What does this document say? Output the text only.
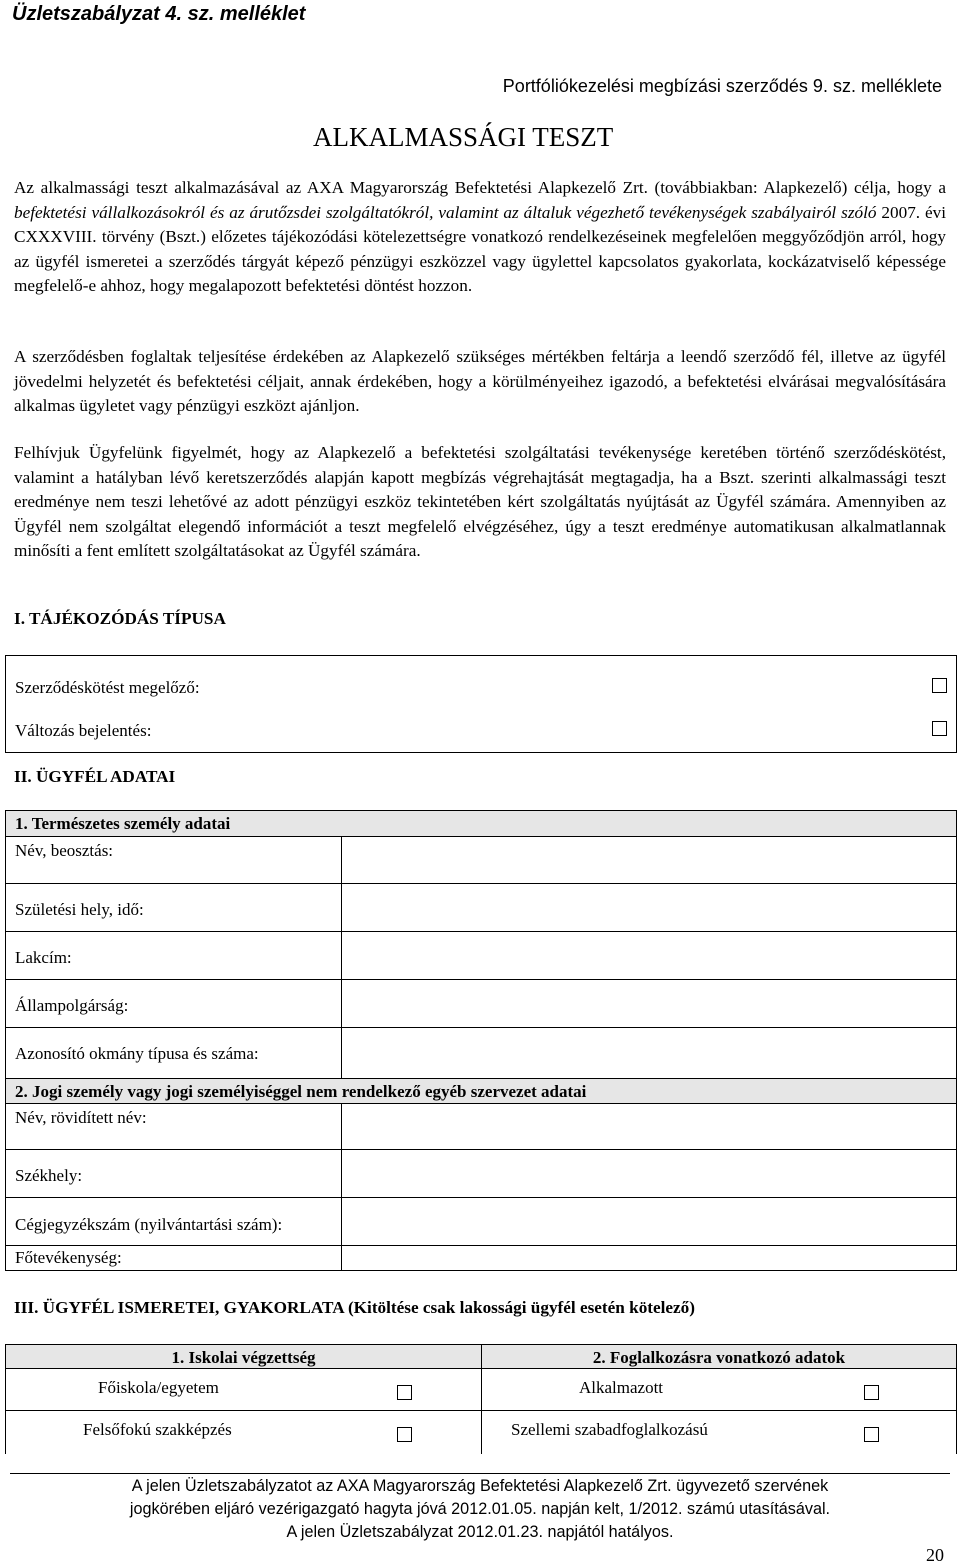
Üzletszabályzat 4. sz. melléklet
Portfóliókezelési megbízási szerződés 9. sz. melléklete
ALKALMASSÁGI TESZT
Az alkalmassági teszt alkalmazásával az AXA Magyarország Befektetési Alapkezelő Zrt. (továbbiakban: Alapkezelő) célja, hogy a befektetési vállalkozásokról és az árutőzsdei szolgáltatókról, valamint az általuk végezhető tevékenységek szabályairól szóló 2007. évi CXXXVIII. törvény (Bszt.) előzetes tájékozódási kötelezettségre vonatkozó rendelkezéseinek megfelelően meggyőződjön arról, hogy az ügyfél ismeretei a szerződés tárgyát képező pénzügyi eszközzel vagy ügylettel kapcsolatos gyakorlata, kockázatviselő képessége megfelelő-e ahhoz, hogy megalapozott befektetési döntést hozzon.
A szerződésben foglaltak teljesítése érdekében az Alapkezelő szükséges mértékben feltárja a leendő szerződő fél, illetve az ügyfél jövedelmi helyzetét és befektetési céljait, annak érdekében, hogy a körülményeihez igazodó, a befektetési elvárásai megvalósítására alkalmas ügyletet vagy pénzügyi eszközt ajánljon.
Felhívjuk Ügyfelünk figyelmét, hogy az Alapkezelő a befektetési szolgáltatási tevékenysége keretében történő szerződéskötést, valamint a hatályban lévő keretszerződés alapján kapott megbízás végrehajtását megtagadja, ha a Bszt. szerinti alkalmassági teszt eredménye nem teszi lehetővé az adott pénzügyi eszköz tekintetében kért szolgáltatás nyújtását az Ügyfél számára. Amennyiben az Ügyfél nem szolgáltat elegendő információt a teszt megfelelő elvégzéséhez, úgy a teszt eredménye automatikusan alkalmatlannak minősíti a fent említett szolgáltatásokat az Ügyfél számára.
I. TÁJÉKOZÓDÁS TÍPUSA
Szerződéskötést megelőző:
Változás bejelentés:

II. ÜGYFÉL ADATAI
1. Természetes személy adatai	
Név, beosztás:	
Születési hely, idő:	
Lakcím:	
Állampolgárság:	
Azonosító okmány típusa és száma:	
2. Jogi személy vagy jogi személyiséggel nem rendelkező egyéb szervezet adatai	
Név, rövidített név:	
Székhely:	
Cégjegyzékszám (nyilvántartási szám):	
Főtevékenység:	
III. ÜGYFÉL ISMERETEI, GYAKORLATA (Kitöltése csak lakossági ügyfél esetén kötelező)
1. Iskolai végzettség	2. Foglalkozásra vonatkozó adatok

Főiskola/egyetem	Alkalmazott

Felsőfokú szakképzés	Szellemi szabadfoglalkozású
A jelen Üzletszabályzatot az AXA Magyarország Befektetési Alapkezelő Zrt. ügyvezető szervének
jogkörében eljáró vezérigazgató hagyta jóvá 2012.01.05. napján kelt, 1/2012. számú utasításával.
A jelen Üzletszabályzat 2012.01.23. napjától hatályos.
20
